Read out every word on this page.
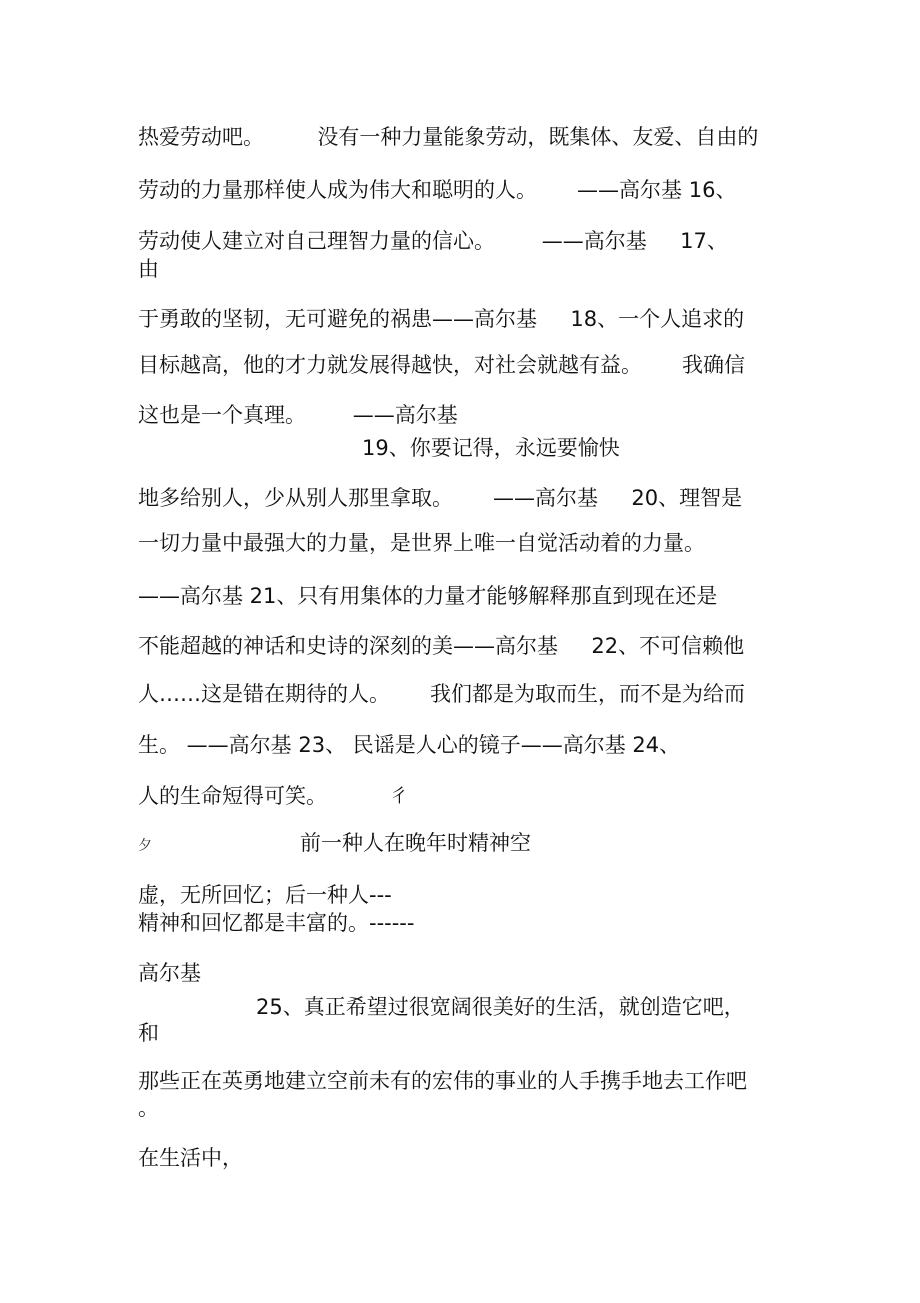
热爱劳动吧。        没有一种力量能象劳动，既集体、友爱、自由的
劳动的力量那样使人成为伟大和聪明的人。      ——高尔基 16、
劳动使人建立对自己理智力量的信心。       ——高尔基     17、
由
于勇敢的坚韧，无可避免的祸患——高尔基     18、一个人追求的
目标越高，他的才力就发展得越快，对社会就越有益。      我确信
这也是一个真理。       ——高尔基
19、你要记得，永远要愉快
地多给别人，少从别人那里拿取。      ——高尔基     20、理智是
一切力量中最强大的力量，是世界上唯一自觉活动着的力量。
——高尔基 21、只有用集体的力量才能够解释那直到现在还是
不能超越的神话和史诗的深刻的美——高尔基     22、不可信赖他
人……这是错在期待的人。      我们都是为取而生，而不是为给而
生。 ——高尔基 23、 民谣是人心的镜子——高尔基 24、
人的生命短得可笑。	彳
夕	前一种人在晚年时精神空
虚，无所回忆；后一种人---
精神和回忆都是丰富的。------
高尔基
25、真正希望过很宽阔很美好的生活，就创造它吧，
和
那些正在英勇地建立空前未有的宏伟的事业的人手携手地去工作吧
。
在生活中，
